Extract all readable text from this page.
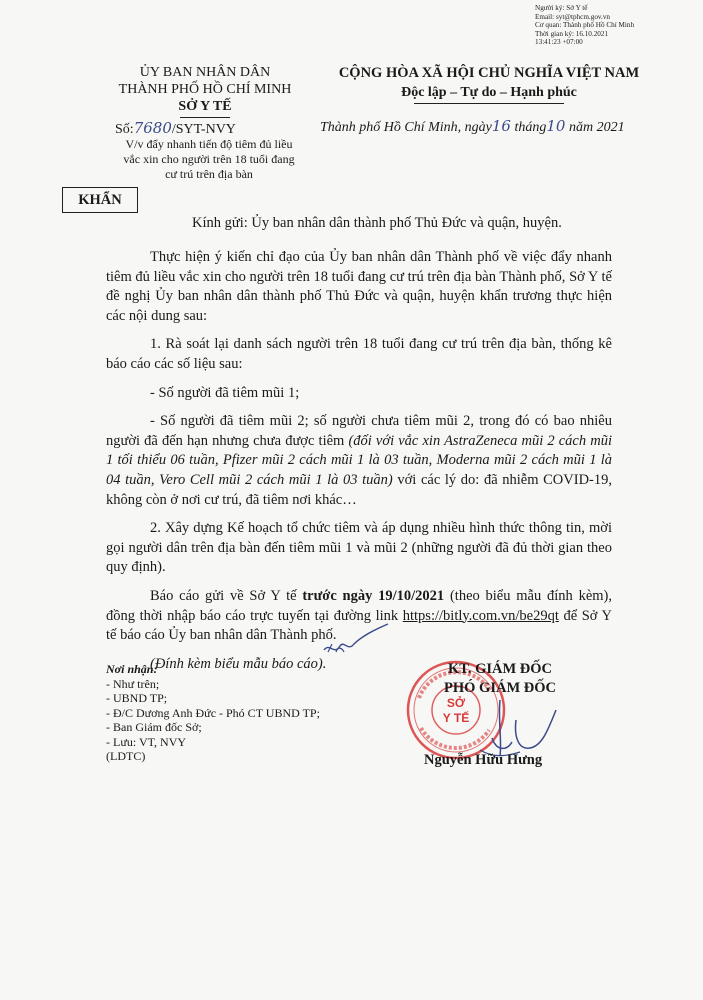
Người ký: Sở Y tế
Email: syt@tphcm.gov.vn
Cơ quan: Thành phố Hồ Chí Minh
Thời gian ký: 16.10.2021
13:41:23 +07:00
ỦY BAN NHÂN DÂN
THÀNH PHỐ HỒ CHÍ MINH
SỞ Y TẾ
Số:7680/SYT-NVY
V/v đẩy nhanh tiến độ tiêm đủ liều
vắc xin cho người trên 18 tuổi đang
cư trú trên địa bàn
CỘNG HÒA XÃ HỘI CHỦ NGHĨA VIỆT NAM
Độc lập – Tự do – Hạnh phúc
Thành phố Hồ Chí Minh, ngày16 tháng10 năm 2021
KHẨN
Kính gửi: Ủy ban nhân dân thành phố Thủ Đức và quận, huyện.

Thực hiện ý kiến chỉ đạo của Ủy ban nhân dân Thành phố về việc đẩy nhanh tiêm đủ liều vắc xin cho người trên 18 tuổi đang cư trú trên địa bàn Thành phố, Sở Y tế đề nghị Ủy ban nhân dân thành phố Thủ Đức và quận, huyện khẩn trương thực hiện các nội dung sau:

1. Rà soát lại danh sách người trên 18 tuổi đang cư trú trên địa bàn, thống kê báo cáo các số liệu sau:

- Số người đã tiêm mũi 1;

- Số người đã tiêm mũi 2; số người chưa tiêm mũi 2, trong đó có bao nhiêu người đã đến hạn nhưng chưa được tiêm (đối với vắc xin AstraZeneca mũi 2 cách mũi 1 tối thiểu 06 tuần, Pfizer mũi 2 cách mũi 1 là 03 tuần, Moderna mũi 2 cách mũi 1 là 04 tuần, Vero Cell mũi 2 cách mũi 1 là 03 tuần) với các lý do: đã nhiễm COVID-19, không còn ở nơi cư trú, đã tiêm nơi khác…

2. Xây dựng Kế hoạch tổ chức tiêm và áp dụng nhiều hình thức thông tin, mời gọi người dân trên địa bàn đến tiêm mũi 1 và mũi 2 (những người đã đủ thời gian theo quy định).

Báo cáo gửi về Sở Y tế trước ngày 19/10/2021 (theo biểu mẫu đính kèm), đồng thời nhập báo cáo trực tuyến tại đường link https://bitly.com.vn/be29qt để Sở Y tế báo cáo Ủy ban nhân dân Thành phố.

(Đính kèm biểu mẫu báo cáo).

Nơi nhận:
- Như trên;
- UBND TP;
- Đ/C Dương Anh Đức - Phó CT UBND TP;
- Ban Giám đốc Sở;
- Lưu: VT, NVY
(LDTC)
SỞ
Y TẾ
KT. GIÁM ĐỐC
PHÓ GIÁM ĐỐC
Nguyễn Hữu Hưng
